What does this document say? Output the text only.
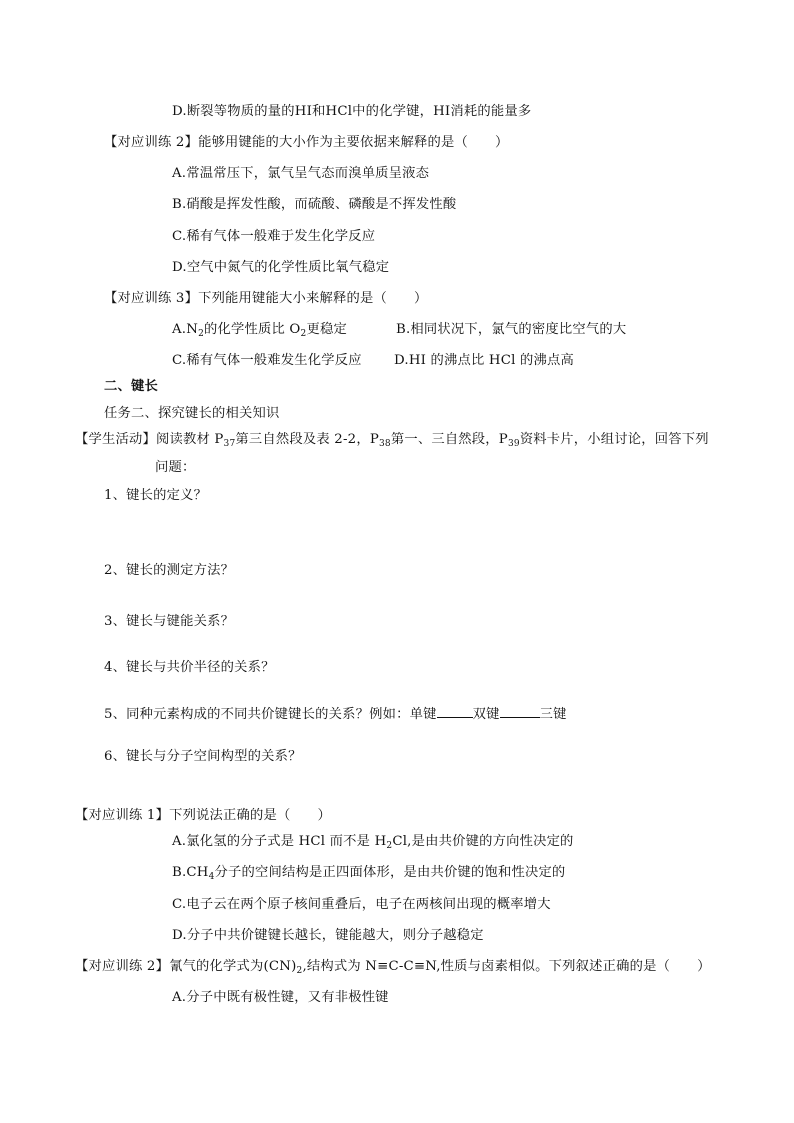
D.断裂等物质的量的HI和HCl中的化学键，HI消耗的能量多
【对应训练 2】能够用键能的大小作为主要依据来解释的是（　　）
A.常温常压下，氯气呈气态而溴单质呈液态
B.硝酸是挥发性酸，而硫酸、磷酸是不挥发性酸
C.稀有气体一般难于发生化学反应
D.空气中氮气的化学性质比氧气稳定
【对应训练 3】下列能用键能大小来解释的是（　　）
$A.N_2$的化学性质比 $O_2$更稳定	B.相同状况下，氯气的密度比空气的大
C.稀有气体一般难发生化学反应 D.HI 的沸点比 HCl 的沸点高
二、键长
任务二、探究键长的相关知识
【学生活动】阅读教材 $P_{37}$第三自然段及表 2-2，$P_{38}$第一、三自然段，$P_{39}$资料卡片，小组讨论，回答下列
问题：
1、键长的定义？
2、键长的测定方法？
3、键长与键能关系？
4、键长与共价半径的关系？
5、同种元素构成的不同共价键键长的关系？例如：单键	双键	三键
6、键长与分子空间构型的关系？
【对应训练 1】下列说法正确的是（　　）
A.氯化氢的分子式是 HCl 而不是 $H_2Cl$,是由共价键的方向性决定的
$B.CH_4$分子的空间结构是正四面体形，是由共价键的饱和性决定的
C.电子云在两个原子核间重叠后，电子在两核间出现的概率增大
D.分子中共价键键长越长，键能越大，则分子越稳定
【对应训练 2】氰气的化学式为$(CN)_2$,结构式为 N≡C-C≡N,性质与卤素相似。下列叙述正确的是（　　）
A.分子中既有极性键，又有非极性键
